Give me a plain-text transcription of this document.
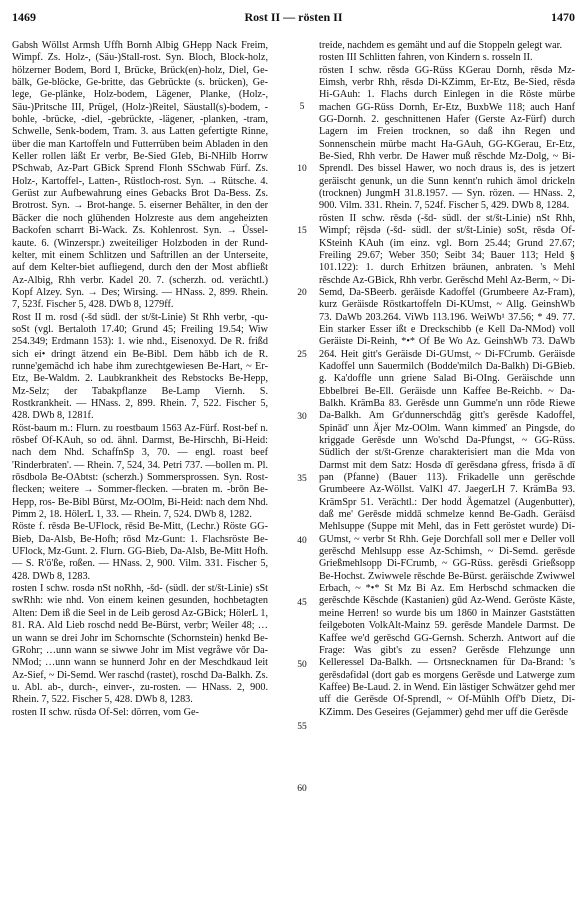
1469	Rost II — rösten II	1470

Gabsh Wöllst Armsh Uffh Bornh Albig GHepp Nack Freim, Wimpf. Zs. Holz-, (Säu-)Stall-rost. Syn. Bloch, Block-holz, hölzerner Bodem, Bord I, Brücke, Brück(en)-holz, Diel, Ge-bälk, Ge-blöcke, Ge-britte, das Gebrückte (s. brücken), Ge-lege, Ge-plänke, Holz-bodem, Lägener, Planke, (Holz-, Säu-)Pritsche III, Prügel, (Holz-)Reitel, Säustall(s)-bodem, -bohle, -brücke, -diel, -gebrückte, -lägener, -planken, -tram, Schwelle, Senk-bodem, Tram. 3. aus Latten gefertigte Rinne, über die man Kartoffeln und Futterrüben beim Abladen in den Keller rollen läßt Er verbr, Be-Sied GIeb, Bi-NHilb Horrw PSchwab, Az-Part GBick Sprend Flonh SSchwab Fürf. Zs. Holz-, Kartoffel-, Latten-, Rüstloch-rost. Syn. → Rütsche. 4. Gerüst zur Aufbewahrung eines Gebacks Brot Da-Bess. Zs. Brotrost. Syn. → Brot-hange. 5. eiserner Behälter, in den der Bäcker die noch glühenden Holzreste aus dem angeheizten Backofen scharrt Bi-Wack. Zs. Kohlenrost. Syn. → Üssel-kaute. 6. (Winzerspr.) zweiteiliger Holzboden in der Rund-kelter, mit einem Schlitzen und Saftrillen an der Unterseite, auf dem Kelter-biet aufliegend, durch den der Most abfließt Az-Albig, Rhh verbr. Kadel 20. 7. (scherzh. od. verächtl.) Kopf Alzey. Syn. → Des; Wirsing. — HNass. 2, 899. Rhein. 7, 523f. Fischer 5, 428. DWb 8, 1279ff.

Rost II m. rosd (-šd südl. der st/št-Linie) St Rhh verbr, -qu- soSt (vgl. Bertaloth 17.40; Grund 45; Freiling 19.54; Wiw 254.349; Erdmann 153): 1. wie nhd., Eisenoxyd. De R. frißd sich ei• dringt ätzend ein Be-Bibl. Dem hābb ich de R. runne'gemächd ich habe ihm zurechtgewiesen Be-Hart, ~ Er-Etz, Be-Waldm. 2. Laubkrankheit des Rebstocks Be-Hepp, Mz-Selz; der Tabakpflanze Be-Lamp Viernh. S. Rostkrankheit. — HNass. 2, 899. Rhein. 7, 522. Fischer 5, 428. DWb 8, 1281f.

Röst-baum m.: Flurn. zu roestbaum 1563 Az-Fürf. Rost-bef n. rōsbef Of-KAuh, so od. ähnl. Darmst, Be-Hirschh, Bi-Heid: nach dem Nhd. SchaffnSp 3, 70. — engl. roast beef 'Rinderbraten'. — Rhein. 7, 524, 34. Petri 737. —bollen m. Pl. rōsdbolə Be-OAbtst: (scherzh.) Sommersprossen. Syn. Rost-flecken; weitere → Sommer-flecken. —braten m. -brōn Be-Hepp, ros- Be-Bibl Bürst, Mz-OOlm, Bi-Heid: nach dem Nhd. Pimm 2, 18. HölerL 1, 33. — Rhein. 7, 524. DWb 8, 1282.

Röste f. rēsdə Be-UFlock, rēsid Be-Mitt, (Lechr.) Röste GG-Bieb, Da-Alsb, Be-Hofh; rōsd Mz-Gunt: 1. Flachsröste Be-UFlock, Mz-Gunt. 2. Flurn. GG-Bieb, Da-Alsb, Be-Mitt Hofh. — S. R'ö'ße, roßen. — HNass. 2, 900. Vilm. 331. Fischer 5, 428. DWb 8, 1283.

rosten I schw. rosdə nSt noRhh, -šd- (südl. der st/št-Linie) sSt swRhh: wie nhd. Von einem keinen gesunden, hochbetagten Alten: Dem iß die Seel in de Leib gerosd Az-GBick; HölerL 1, 81. RA. Ald Lieb roschd nedd Be-Bürst, verbr; Weiler 48; …un wann se drei Johr im Schornschte (Schornstein) henkd Be-GRohr; …unn wann se siwwe Johr im Mist vegråwe vōr Da-NMod; …unn wann se hunnerd Johr en der Meschdkaud leit Az-Sief, ~ Di-Semd. Wer raschd (rastet), roschd Da-Balkh. Zs. u. Abl. ab-, durch-, einver-, zu-rosten. — HNass. 2, 900. Rhein. 7, 522. Fischer 5, 428. DWb 8, 1283.

rosten II schw. rüsdə Of-Sel: dörren, vom Ge-

5
10
15
20
25
30
35
40
45
50
55
60

treide, nachdem es gemäht und auf die Stoppeln gelegt war.

rosten III Schlitten fahren, von Kindern s. rosseln II.

rösten I schw. rēsdə GG-Rüss KGerau Dornh, rēsdə Mz-Eimsh, verbr Rhh, rēsdə Di-KZimm, Er-Etz, Be-Sied, rēsdə Hi-GAuh: 1. Flachs durch Einlegen in die Röste mürbe machen GG-Rüss Dornh, Er-Etz, BuxbWe 118; auch Hanf GG-Dornh. 2. geschnittenen Hafer (Gerste Az-Fürf) durch Lagern im Freien trocknen, so daß ihn Regen und Sonnenschein mürbe macht Ha-GAuh, GG-KGerau, Er-Etz, Be-Sied, Rhh verbr. De Hawer muß rēschde Mz-Dolg, ~ Bi-Sprendl. Des bissel Hawer, wo noch draus is, des is jetzert geräischt genunk, un die Sunn kennt'n ruhich ämol drickeln (trocknen) JungmH 31.8.1957. — Syn. rözen. — HNass. 2, 900. Vilm. 331. Rhein. 7, 524f. Fischer 5, 429. DWb 8, 1284.

rösten II schw. rēsdə (-šd- südl. der st/št-Linie) nSt Rhh, Wimpf; rēįsdə (-šd- südl. der st/št-Linie) soSt, rēsdə Of-KSteinh KAuh (im einz. vgl. Born 25.44; Grund 27.67; Freiling 29.67; Weber 350; Seibt 34; Bauer 113; Held § 101.122): 1. durch Erhitzen bräunen, anbraten. 's Mehl rēschde Az-GBick, Rhh verbr. Gerēschd Mehl Az-Berm, ~ Di-Semd, Da-SBeerb. gerāisde Kadoffel (Grumbeere Az-Fram), kurz Geräisde Röstkartoffeln Di-KUmst, ~ Allg. GeinshWb 73. DaWb 203.264. ViWb 113.196. WeiWb¹ 37.56; * 49. 77. Ein starker Esser ißt e Dreckschibb (e Kell Da-NMod) voll Geräiste Di-Reinh, *•* Of Be Wo Az. GeinshWb 73. DaWb 264. Heit gitt's Geräisde Di-GUmst, ~ Di-FCrumb. Geräisde Kadoffel unn Sauermilch (Bodde'milch Da-Balkh) Di-GBieb. g. Ka'doffle unn griene Salad Bi-OIng. Geräischde unn Ebbelbrei Be-Ell. Geräisde unn Kaffee Be-Reichb. ~ Da-Balkh. KrämBa 83. Gerēsde unn Gumme'n unn rōde Riewe Da-Balkh. Am Gr'dunnerschdāg gitt's gerēsde Kadoffel, Spināď unn Äjer Mz-OOlm. Wann kimmeď an Pingsde, do kriggade Gerēsde unn Wo'schd Da-Pfungst, ~ GG-Rüss. Südlich der st/št-Grenze charakterisiert man die Mda von Darmst mit dem Satz: Hosdə dī gerēsdənə gfress, frisdə ā dī pən (Pfanne) (Bauer 113). Frikadelle unn gerēschde Grumbeere Az-Wöllst. ValKl 47. JaegerLH 7. KrämBa 93. KrämSpr 51. Verächtl.: Der hodd Ägematzel (Augenbutter), daß me' Gerēsde middā schmelze kennd Be-Gadh. Geräisd Mehlsuppe (Suppe mit Mehl, das in Fett geröstet wurde) Di-GUmst, ~ verbr St Rhh. Geje Dorchfall soll mer e Deller voll gerēschd Mehlsupp esse Az-Schimsh, ~ Di-Semd. gerēsde Grießmehlsopp Di-FCrumb, ~ GG-Rüss. gerēsdi Grießsopp Be-Hochst. Zwiwwele rēschde Be-Bürst. geräischde Zwiwwel Erbach, ~ *•* St Mz Bi Az. Em Herbschd schmacken die gerēschde Kēschde (Kastanien) gūd Az-Wend. Geröste Käste, meine Herren! so wurde bis um 1860 in Mainzer Gaststätten feilgeboten VolkAlt-Mainz 59. gerēsde Mandele Darmst. De Kaffee we'd gerēschd GG-Gernsh. Scherzh. Antwort auf die Frage: Was gibt's zu essen? Gerēsde Flehzunge unn Kelleressel Da-Balkh. — Ortsnecknamen für Da-Brand: 's gerēsdəfidəl (dort gab es morgens Gerēsde und Latwerge zum Kaffee) Be-Laud. 2. in Wend. Ein lästiger Schwätzer gehd mer uff die Gerēsde Of-Sprendl, ~ Of-Mühlh Off'b Dietz, Di-KZimm. Des Geseires (Gejammer) gehd mer uff die Gerēsde
